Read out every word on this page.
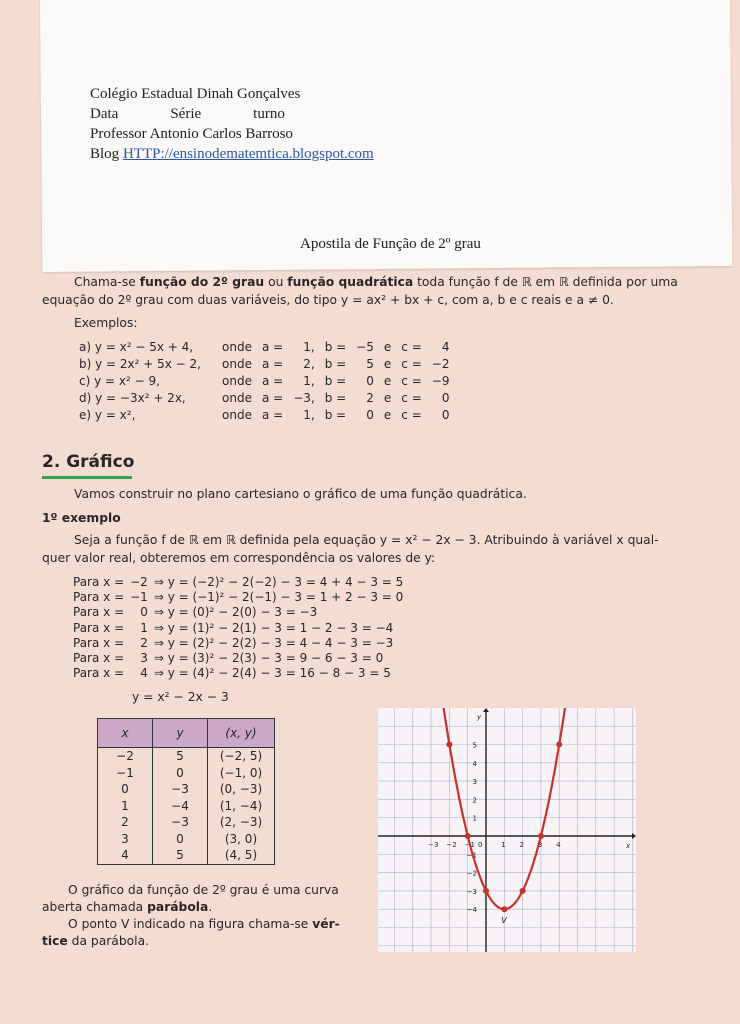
Colégio Estadual Dinah Gonçalves
Data	Série	turno
Professor Antonio Carlos Barroso
Blog HTTP://ensinodematemtica.blogspot.com
Apostila de Função de 2º grau
Chama-se função do 2º grau ou função quadrática toda função f de ℝ em ℝ definida por uma
equação do 2º grau com duas variáveis, do tipo y = ax² + bx + c, com a, b e c reais e a ≠ 0.
Exemplos:
a) y = x² − 5x + 4,	onde	a =	1,	b =	−5	e	c =	4
b) y = 2x² + 5x − 2,	onde	a =	2,	b =	5	e	c =	−2
c) y = x² − 9,	onde	a =	1,	b =	0	e	c =	−9
d) y = −3x² + 2x,	onde	a =	−3,	b =	2	e	c =	0
e) y = x²,	onde	a =	1,	b =	0	e	c =	0
2. Gráfico
Vamos construir no plano cartesiano o gráfico de uma função quadrática.
1º exemplo
Seja a função f de ℝ em ℝ definida pela equação y = x² − 2x − 3. Atribuindo à variável x qual-
quer valor real, obteremos em correspondência os valores de y:
Para x =	−2	⇒ y = (−2)² − 2(−2) − 3 = 4 + 4 − 3 = 5
Para x =	−1	⇒ y = (−1)² − 2(−1) − 3 = 1 + 2 − 3 = 0
Para x =	0	⇒ y = (0)² − 2(0) − 3 = −3
Para x =	1	⇒ y = (1)² − 2(1) − 3 = 1 − 2 − 3 = −4
Para x =	2	⇒ y = (2)² − 2(2) − 3 = 4 − 4 − 3 = −3
Para x =	3	⇒ y = (3)² − 2(3) − 3 = 9 − 6 − 3 = 0
Para x =	4	⇒ y = (4)² − 2(4) − 3 = 16 − 8 − 3 = 5
y = x² − 2x − 3
x	y	(x, y)
−2	5	(−2, 5)
−1	0	(−1, 0)
0	−3	(0, −3)
1	−4	(1, −4)
2	−3	(2, −3)
3	0	(3, 0)
4	5	(4, 5)
O gráfico da função de 2º grau é uma curva
aberta chamada parábola.
O ponto V indicado na figura chama-se vér-
tice da parábola.
x
y
−3 −2 −1 0	1 2 3 4
5
4
3
2
1
−1
−2
−3
−4
V
